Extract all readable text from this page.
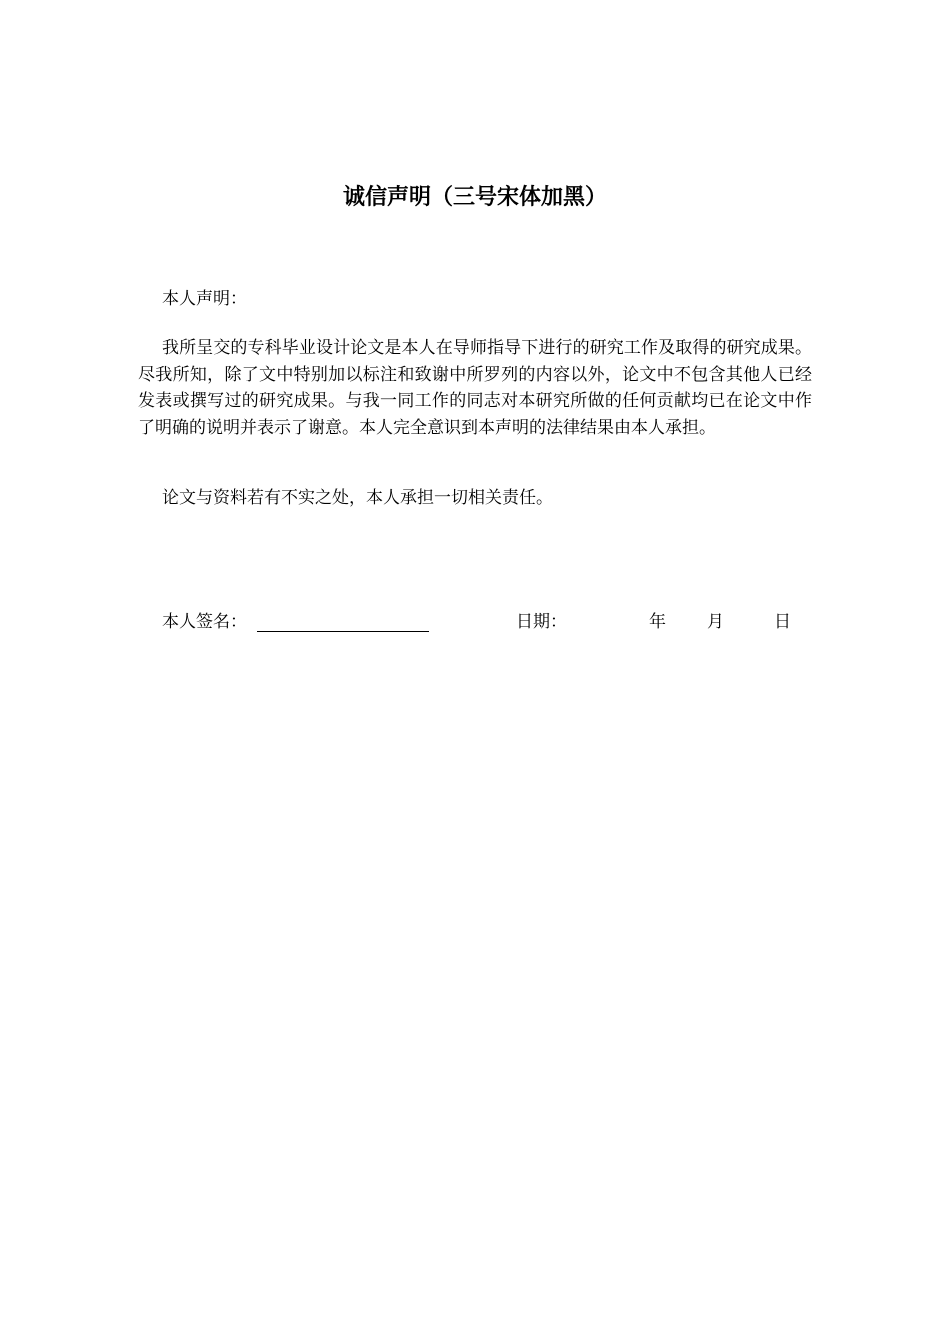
诚信声明（三号宋体加黑）

本人声明：

我所呈交的专科毕业设计论文是本人在导师指导下进行的研究工作及取得的研究成果。尽我所知，除了文中特别加以标注和致谢中所罗列的内容以外，论文中不包含其他人已经发表或撰写过的研究成果。与我一同工作的同志对本研究所做的任何贡献均已在论文中作了明确的说明并表示了谢意。本人完全意识到本声明的法律结果由本人承担。

论文与资料若有不实之处，本人承担一切相关责任。

本人签名：	日期：	年 月	日
